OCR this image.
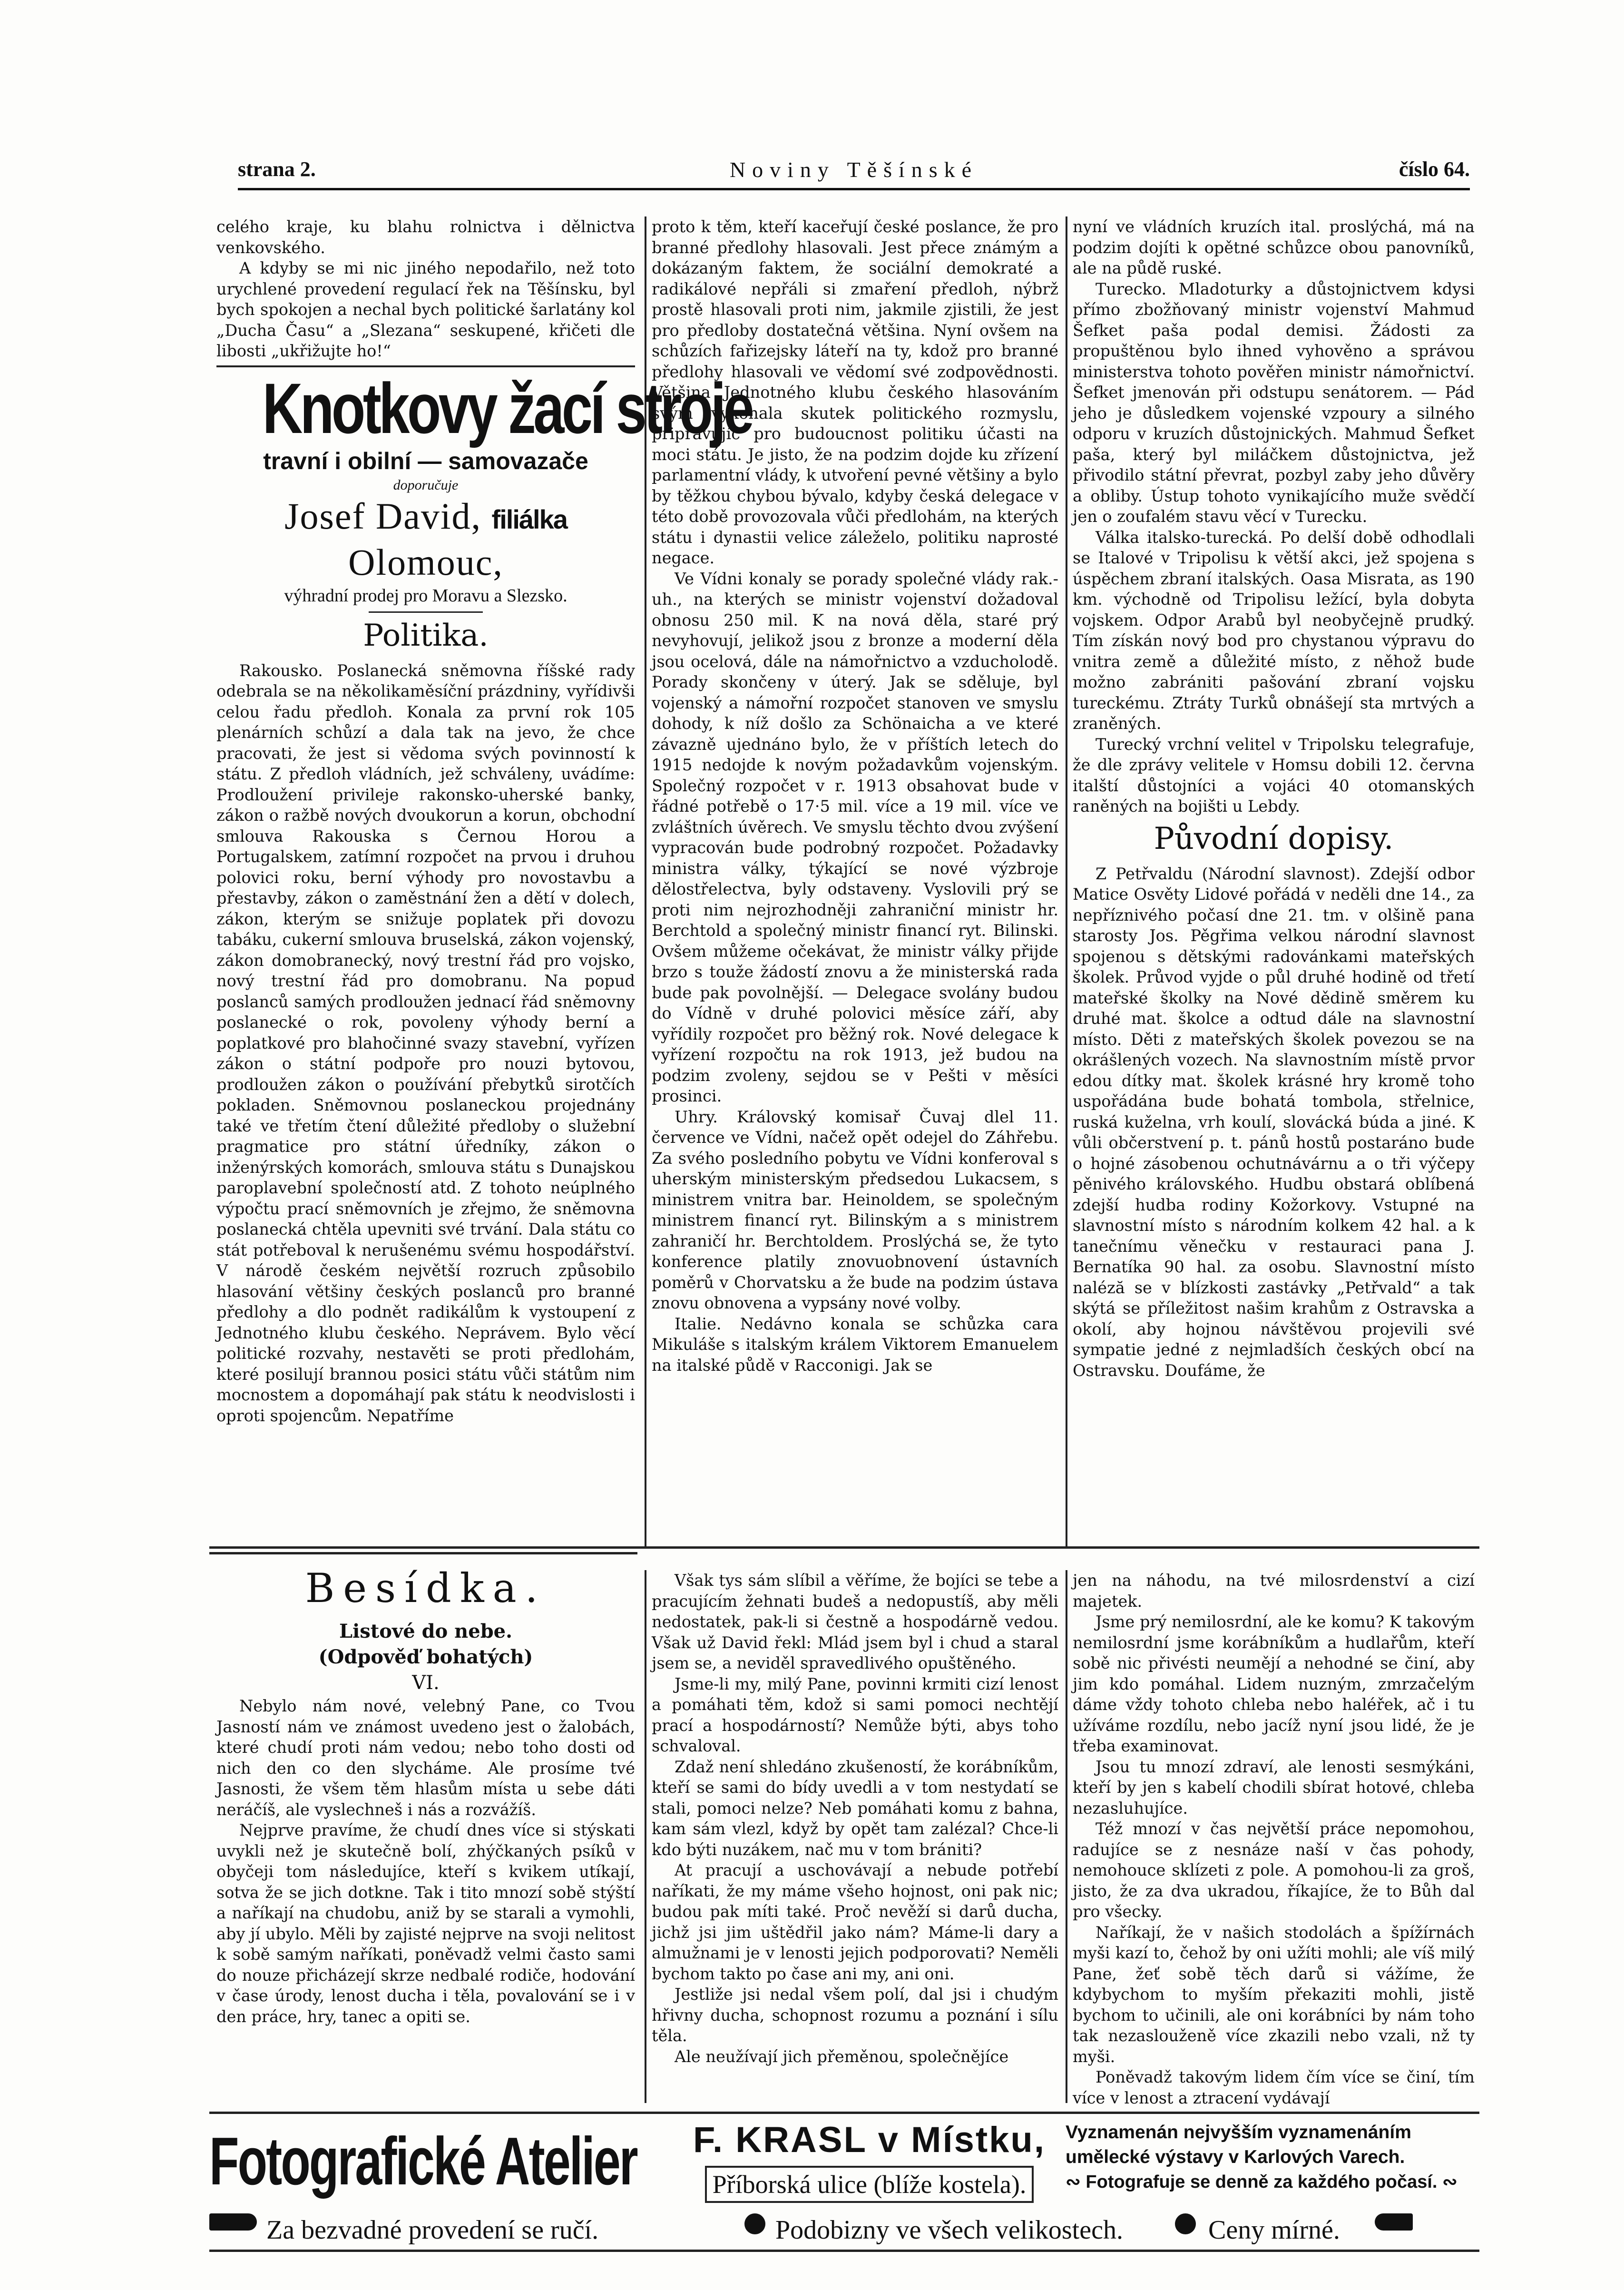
strana 2.	Noviny Těšínské	číslo 64.

celého kraje, ku blahu rolnictva i dělnictva venkovského.

A kdyby se mi nic jiného nepodařilo, než toto urychlené provedení regulací řek na Těšínsku, byl bych spokojen a nechal bych politické šarlatány kol „Ducha Času“ a „Slezana“ seskupené, křičeti dle libosti „ukřižujte ho!“

Knotkovy žací stroje
travní i obilní — samovazače
doporučuje
Josef David, filiálka Olomouc,
výhradní prodej pro Moravu a Slezsko.
Politika.

Rakousko. Poslanecká sněmovna říšské rady odebrala se na několikaměsíční prázdniny, vyřídivši celou řadu předloh. Konala za první rok 105 plenárních schůzí a dala tak na jevo, že chce pracovati, že jest si vědoma svých povinností k státu. Z předloh vládních, jež schváleny, uvádíme: Prodloužení privileje rakonsko-uherské banky, zákon o ražbě nových dvoukorun a korun, obchodní smlouva Rakouska s Černou Horou a Portugalskem, zatímní rozpočet na prvou i druhou polovici roku, berní výhody pro novostavbu a přestavby, zákon o zaměstnání žen a dětí v dolech, zákon, kterým se snižuje poplatek při dovozu tabáku, cukerní smlouva bruselská, zákon vojenský, zákon domobranecký, nový trestní řád pro vojsko, nový trestní řád pro domobranu. Na popud poslanců samých prodloužen jednací řád sněmovny poslanecké o rok, povoleny výhody berní a poplatkové pro blahočinné svazy stavební, vyřízen zákon o státní podpoře pro nouzi bytovou, prodloužen zákon o používání přebytků sirotčích pokladen. Sněmovnou poslaneckou projednány také ve třetím čtení důležité předloby o služební pragmatice pro státní úředníky, zákon o inženýrských komorách, smlouva státu s Dunajskou paroplavební společností atd. Z tohoto neúplného výpočtu prací sněmovních je zřejmo, že sněmovna poslanecká chtěla upevniti své trvání. Dala státu co stát potřeboval k nerušenému svému hospodářství. V národě českém největší rozruch způsobilo hlasování většiny českých poslanců pro branné předlohy a dlo podnět radikálům k vystoupení z Jednotného klubu českého. Neprávem. Bylo věcí politické rozvahy, nestavěti se proti předlohám, které posilují brannou posici státu vůči státům nim mocnostem a dopomáhají pak státu k neodvislosti i oproti spojencům. Nepatříme

proto k těm, kteří kaceřují české poslance, že pro branné předlohy hlasovali. Jest přece známým a dokázaným faktem, že sociální demokraté a radikálové nepřáli si zmaření předloh, nýbrž prostě hlasovali proti nim, jakmile zjistili, že jest pro předloby dostatečná většina. Nyní ovšem na schůzích fařizejsky láteří na ty, kdož pro branné předlohy hlasovali ve vědomí své zodpovědnosti. Většina Jednotného klubu českého hlasováním svým vykonala skutek politického rozmyslu, připravujíc pro budoucnost politiku účasti na moci státu. Je jisto, že na podzim dojde ku zřízení parlamentní vlády, k utvoření pevné většiny a bylo by těžkou chybou bývalo, kdyby česká delegace v této době provozovala vůči předlohám, na kterých státu i dynastii velice záleželo, politiku naprosté negace.

Ve Vídni konaly se porady společné vlády rak.-uh., na kterých se ministr vojenství dožadoval obnosu 250 mil. K na nová děla, staré prý nevyhovují, jelikož jsou z bronze a moderní děla jsou ocelová, dále na námořnictvo a vzducholodě. Porady skončeny v úterý. Jak se sděluje, byl vojenský a námořní rozpočet stanoven ve smyslu dohody, k níž došlo za Schönaicha a ve které závazně ujednáno bylo, že v příštích letech do 1915 nedojde k novým požadavkům vojenským. Společný rozpočet v r. 1913 obsahovat bude v řádné potřebě o 17·5 mil. více a 19 mil. více ve zvláštních úvěrech. Ve smyslu těchto dvou zvýšení vypracován bude podrobný rozpočet. Požadavky ministra války, týkající se nové výzbroje dělostřelectva, byly odstaveny. Vyslovili prý se proti nim nejrozhodněji zahraniční ministr hr. Berchtold a společný ministr financí ryt. Bilinski. Ovšem můžeme očekávat, že ministr války přijde brzo s touže žádostí znovu a že ministerská rada bude pak povolnější. — Delegace svolány budou do Vídně v druhé polovici měsíce září, aby vyřídily rozpočet pro běžný rok. Nové delegace k vyřízení rozpočtu na rok 1913, jež budou na podzim zvoleny, sejdou se v Pešti v měsíci prosinci.

Uhry. Královský komisař Čuvaj dlel 11. července ve Vídni, načež opět odejel do Záhřebu. Za svého posledního pobytu ve Vídni konferoval s uherským ministerským předsedou Lukacsem, s ministrem vnitra bar. Heinoldem, se společným ministrem financí ryt. Bilinským a s ministrem zahraničí hr. Berchtoldem. Proslýchá se, že tyto konference platily znovuobnovení ústavních poměrů v Chorvatsku a že bude na podzim ústava znovu obnovena a vypsány nové volby.

Italie. Nedávno konala se schůzka cara Mikuláše s italským králem Viktorem Emanuelem na italské půdě v Racconigi. Jak se

nyní ve vládních kruzích ital. proslýchá, má na podzim dojíti k opětné schůzce obou panovníků, ale na půdě ruské.

Turecko. Mladoturky a důstojnictvem kdysi přímo zbožňovaný ministr vojenství Mahmud Šefket paša podal demisi. Žádosti za propuštěnou bylo ihned vyhověno a správou ministerstva tohoto pověřen ministr námořnictví. Šefket jmenován při odstupu senátorem. — Pád jeho je důsledkem vojenské vzpoury a silného odporu v kruzích důstojnických. Mahmud Šefket paša, který byl miláčkem důstojnictva, jež přivodilo státní převrat, pozbyl zaby jeho důvěry a obliby. Ústup tohoto vynikajícího muže svědčí jen o zoufalém stavu věcí v Turecku.

Válka italsko-turecká. Po delší době odhodlali se Italové v Tripolisu k větší akci, jež spojena s úspěchem zbraní italských. Oasa Misrata, as 190 km. východně od Tripolisu ležící, byla dobyta vojskem. Odpor Arabů byl neobyčejně prudký. Tím získán nový bod pro chystanou výpravu do vnitra země a důležité místo, z něhož bude možno zabrániti pašování zbraní vojsku tureckému. Ztráty Turků obnášejí sta mrtvých a zraněných.

Turecký vrchní velitel v Tripolsku telegrafuje, že dle zprávy velitele v Homsu dobili 12. června italští důstojníci a vojáci 40 otomanských raněných na bojišti u Lebdy.

Původní dopisy.

Z Petřvaldu (Národní slavnost). Zdejší odbor Matice Osvěty Lidové pořádá v neděli dne 14., za nepříznivého počasí dne 21. tm. v olšině pana starosty Jos. Pěgřima velkou národní slavnost spojenou s dětskými radovánkami mateřských školek. Průvod vyjde o půl druhé hodině od třetí mateřské školky na Nové dědině směrem ku druhé mat. školce a odtud dále na slavnostní místo. Děti z mateřských školek povezou se na okrášlených vozech. Na slavnostním místě prvor edou dítky mat. školek krásné hry kromě toho uspořádána bude bohatá tombola, střelnice, ruská kuželna, vrh koulí, slovácká búda a jiné. K vůli občerstvení p. t. pánů hostů postaráno bude o hojné zásobenou ochutnávárnu a o tři výčepy pěnivého královského. Hudbu obstará oblíbená zdejší hudba rodiny Kožorkovy. Vstupné na slavnostní místo s národním kolkem 42 hal. a k tanečnímu věnečku v restauraci pana J. Bernatíka 90 hal. za osobu. Slavnostní místo naléză se v blízkosti zastávky „Petřvald“ a tak skýtá se příležitost našim krahům z Ostravska a okolí, aby hojnou návštěvou projevili své sympatie jedné z nejmladších českých obcí na Ostravsku. Doufáme, že

Besídka.
Listové do nebe.
(Odpověď bohatých)
VI.

Nebylo nám nové, velebný Pane, co Tvou Jasností nám ve známost uvedeno jest o žalobách, které chudí proti nám vedou; nebo toho dosti od nich den co den slycháme. Ale prosíme tvé Jasnosti, že všem těm hlasům místa u sebe dáti neráčíš, ale vyslechneš i nás a rozvážíš.

Nejprve pravíme, že chudí dnes více si stýskati uvykli než je skutečně bolí, zhýčkaných psíků v obyčeji tom následujíce, kteří s kvikem utíkají, sotva že se jich dotkne. Tak i tito mnozí sobě stýští a naříkají na chudobu, aniž by se starali a vymohli, aby jí ubylo. Měli by zajisté nejprve na svoji nelitost k sobě samým naříkati, poněvadž velmi často sami do nouze přicházejí skrze nedbalé rodiče, hodování v čase úrody, lenost ducha i těla, povalování se i v den práce, hry, tanec a opiti se.

Však tys sám slíbil a věříme, že bojíci se tebe a pracujícím žehnati budeš a nedopustíš, aby měli nedostatek, pak-li si čestně a hospodárně vedou. Však už David řekl: Mlád jsem byl i chud a staral jsem se, a neviděl spravedlivého opuštěného.

Jsme-li my, milý Pane, povinni krmiti cizí lenost a pomáhati těm, kdož si sami pomoci nechtějí prací a hospodárností? Nemůže býti, abys toho schvaloval.

Zdaž není shledáno zkušeností, že korábníkům, kteří se sami do bídy uvedli a v tom nestydatí se stali, pomoci nelze? Neb pomáhati komu z bahna, kam sám vlezl, když by opět tam zalézal? Chce-li kdo býti nuzákem, nač mu v tom brániti?

At pracují a uschovávají a nebude potřebí naříkati, že my máme všeho hojnost, oni pak nic; budou pak míti také. Proč nevěží si darů ducha, jichž jsi jim uštědřil jako nám? Máme-li dary a almužnami je v lenosti jejich podporovati? Neměli bychom takto po čase ani my, ani oni.

Jestliže jsi nedal všem polí, dal jsi i chudým hřivny ducha, schopnost rozumu a poznání i sílu těla.

Ale neužívají jich přeměnou, společnějíce

jen na náhodu, na tvé milosrdenství a cizí majetek.

Jsme prý nemilosrdní, ale ke komu? K takovým nemilosrdní jsme korábníkům a hudlařům, kteří sobě nic přivésti neumějí a nehodné se činí, aby jim kdo pomáhal. Lidem nuzným, zmrzačelým dáme vždy tohoto chleba nebo haléřek, ač i tu užíváme rozdílu, nebo jacíž nyní jsou lidé, že je třeba examinovat.

Jsou tu mnozí zdraví, ale lenosti sesmýkáni, kteří by jen s kabelí chodili sbírat hotové, chleba nezasluhujíce.

Též mnozí v čas největší práce nepomohou, radujíce se z nesnáze naší v čas pohody, nemohouce sklízeti z pole. A pomohou-li za groš, jisto, že za dva ukradou, říkajíce, že to Bůh dal pro všecky.

Naříkají, že v našich stodolách a špížírnách myši kazí to, čehož by oni užíti mohli; ale víš milý Pane, žeť sobě těch darů si vážíme, že kdybychom to myším překaziti mohli, jistě bychom to učinili, ale oni korábníci by nám toho tak nezaslouženě více zkazili nebo vzali, nž ty myši.

Poněvadž takovým lidem čím více se činí, tím více v lenost a ztracení vydávají

Fotografické Atelier	F. KRASL v Místku,
Příborská ulice (blíže kostela).
Vyznamenán nejvyšším vyznamenáním
umělecké výstavy v Karlových Varech.
∾ Fotografuje se denně za každého počasí. ∾
Za bezvadné provedení se ručí.	Podobizny ve všech velikostech.	Ceny mírné.
